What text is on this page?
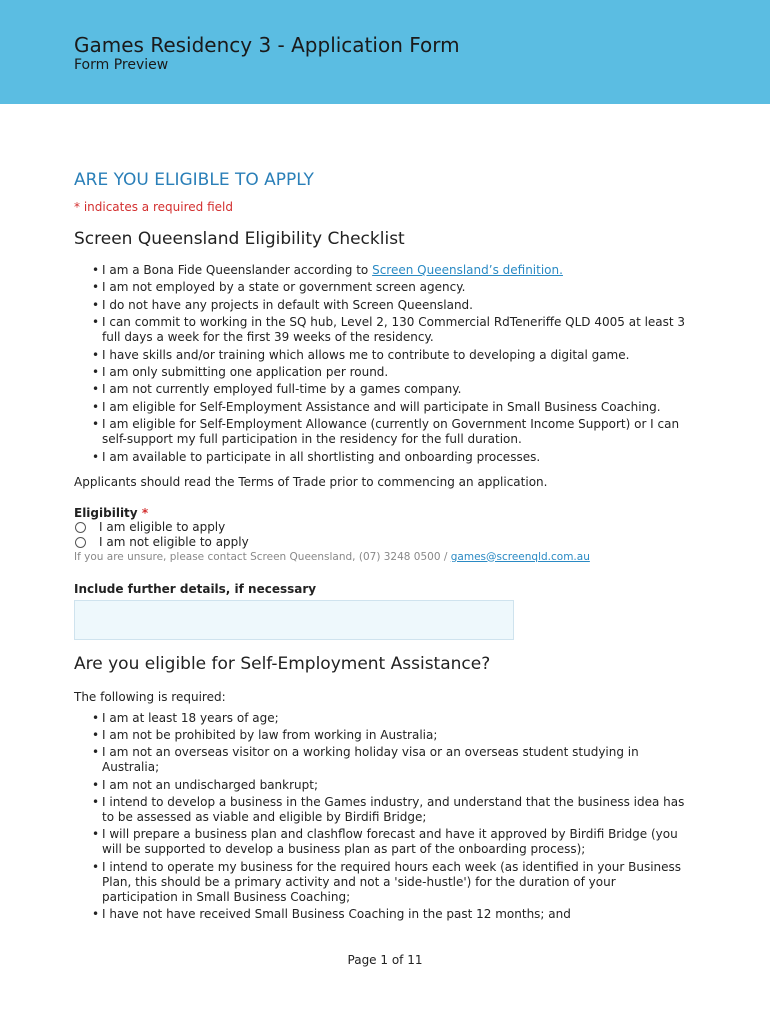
Games Residency 3 - Application Form
Form Preview
ARE YOU ELIGIBLE TO APPLY
* indicates a required field
Screen Queensland Eligibility Checklist
• I am a Bona Fide Queenslander according to Screen Queensland’s definition.
• I am not employed by a state or government screen agency.
• I do not have any projects in default with Screen Queensland.
• I can commit to working in the SQ hub, Level 2, 130 Commercial RdTeneriffe QLD 4005 at least 3 full days a week for the first 39 weeks of the residency.
• I have skills and/or training which allows me to contribute to developing a digital game.
• I am only submitting one application per round.
• I am not currently employed full-time by a games company.
• I am eligible for Self-Employment Assistance and will participate in Small Business Coaching.
• I am eligible for Self-Employment Allowance (currently on Government Income Support) or I can self-support my full participation in the residency for the full duration.
• I am available to participate in all shortlisting and onboarding processes.
Applicants should read the Terms of Trade prior to commencing an application.
Eligibility *
I am eligible to apply
I am not eligible to apply
If you are unsure, please contact Screen Queensland, (07) 3248 0500 / games@screenqld.com.au
Include further details, if necessary
Are you eligible for Self-Employment Assistance?
The following is required:
• I am at least 18 years of age;
• I am not be prohibited by law from working in Australia;
• I am not an overseas visitor on a working holiday visa or an overseas student studying in Australia;
• I am not an undischarged bankrupt;
• I intend to develop a business in the Games industry, and understand that the business idea has to be assessed as viable and eligible by Birdifi Bridge;
• I will prepare a business plan and clashflow forecast and have it approved by Birdifi Bridge (you will be supported to develop a business plan as part of the onboarding process);
• I intend to operate my business for the required hours each week (as identified in your Business Plan, this should be a primary activity and not a 'side-hustle') for the duration of your participation in Small Business Coaching;
• I have not have received Small Business Coaching in the past 12 months; and
Page 1 of 11
